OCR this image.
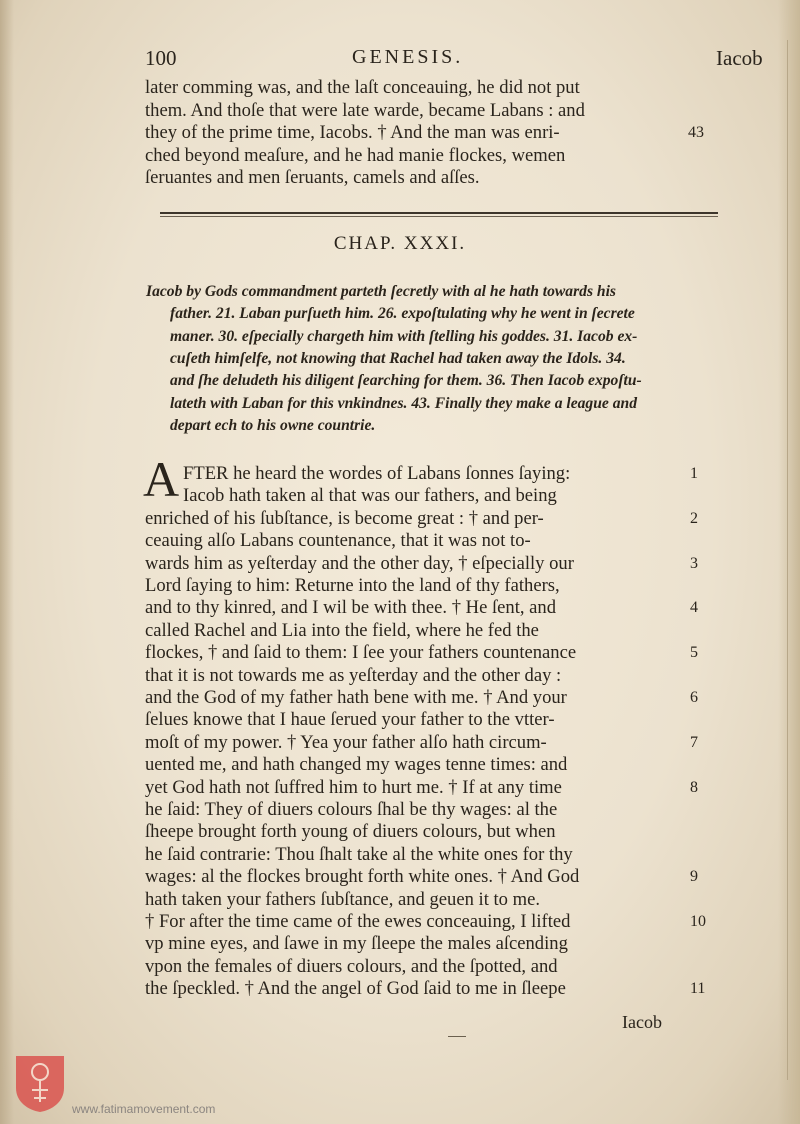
100	GENESIS.	Iacob
later comming was, and the laſt conceauing, he did not put
them. And thoſe that were late warde, became Labans : and
they of the prime time, Iacobs. † And the man was enri-
ched beyond meaſure, and he had manie flockes, wemen
ſeruantes and men ſeruants, camels and aſſes.
43
CHAP. XXXI.
Iacob by Gods commandment parteth ſecretly with al he hath towards his
father. 21. Laban purſueth him. 26. expoſtulating why he went in ſecrete
maner. 30. eſpecially chargeth him with ſtelling his goddes. 31. Iacob ex-
cuſeth himſelfe, not knowing that Rachel had taken away the Idols. 34.
and ſhe deludeth his diligent ſearching for them. 36. Then Iacob expoſtu-
lateth with Laban for this vnkindnes. 43. Finally they make a league and
depart ech to his owne countrie.
A FTER he heard the wordes of Labans ſonnes ſaying:
Iacob hath taken al that was our fathers, and being
enriched of his ſubſtance, is become great : † and per-
ceauing alſo Labans countenance, that it was not to-
wards him as yeſterday and the other day, † eſpecially our
Lord ſaying to him: Returne into the land of thy fathers,
and to thy kinred, and I wil be with thee. † He ſent, and
called Rachel and Lia into the field, where he fed the
flockes, † and ſaid to them: I ſee your fathers countenance
that it is not towards me as yeſterday and the other day :
and the God of my father hath bene with me. † And your
ſelues knowe that I haue ſerued your father to the vtter-
moſt of my power. † Yea your father alſo hath circum-
uented me, and hath changed my wages tenne times: and
yet God hath not ſuffred him to hurt me. † If at any time
he ſaid: They of diuers colours ſhal be thy wages: al the
ſheepe brought forth young of diuers colours, but when
he ſaid contrarie: Thou ſhalt take al the white ones for thy
wages: al the flockes brought forth white ones. † And God
hath taken your fathers ſubſtance, and geuen it to me.
† For after the time came of the ewes conceauing, I lifted
vp mine eyes, and ſawe in my ſleepe the males aſcending
vpon the females of diuers colours, and the ſpotted, and
the ſpeckled. † And the angel of God ſaid to me in ſleepe
1
2
3
4
5
6
7
8
9
10
11
Iacob
www.fatimamovement.com
